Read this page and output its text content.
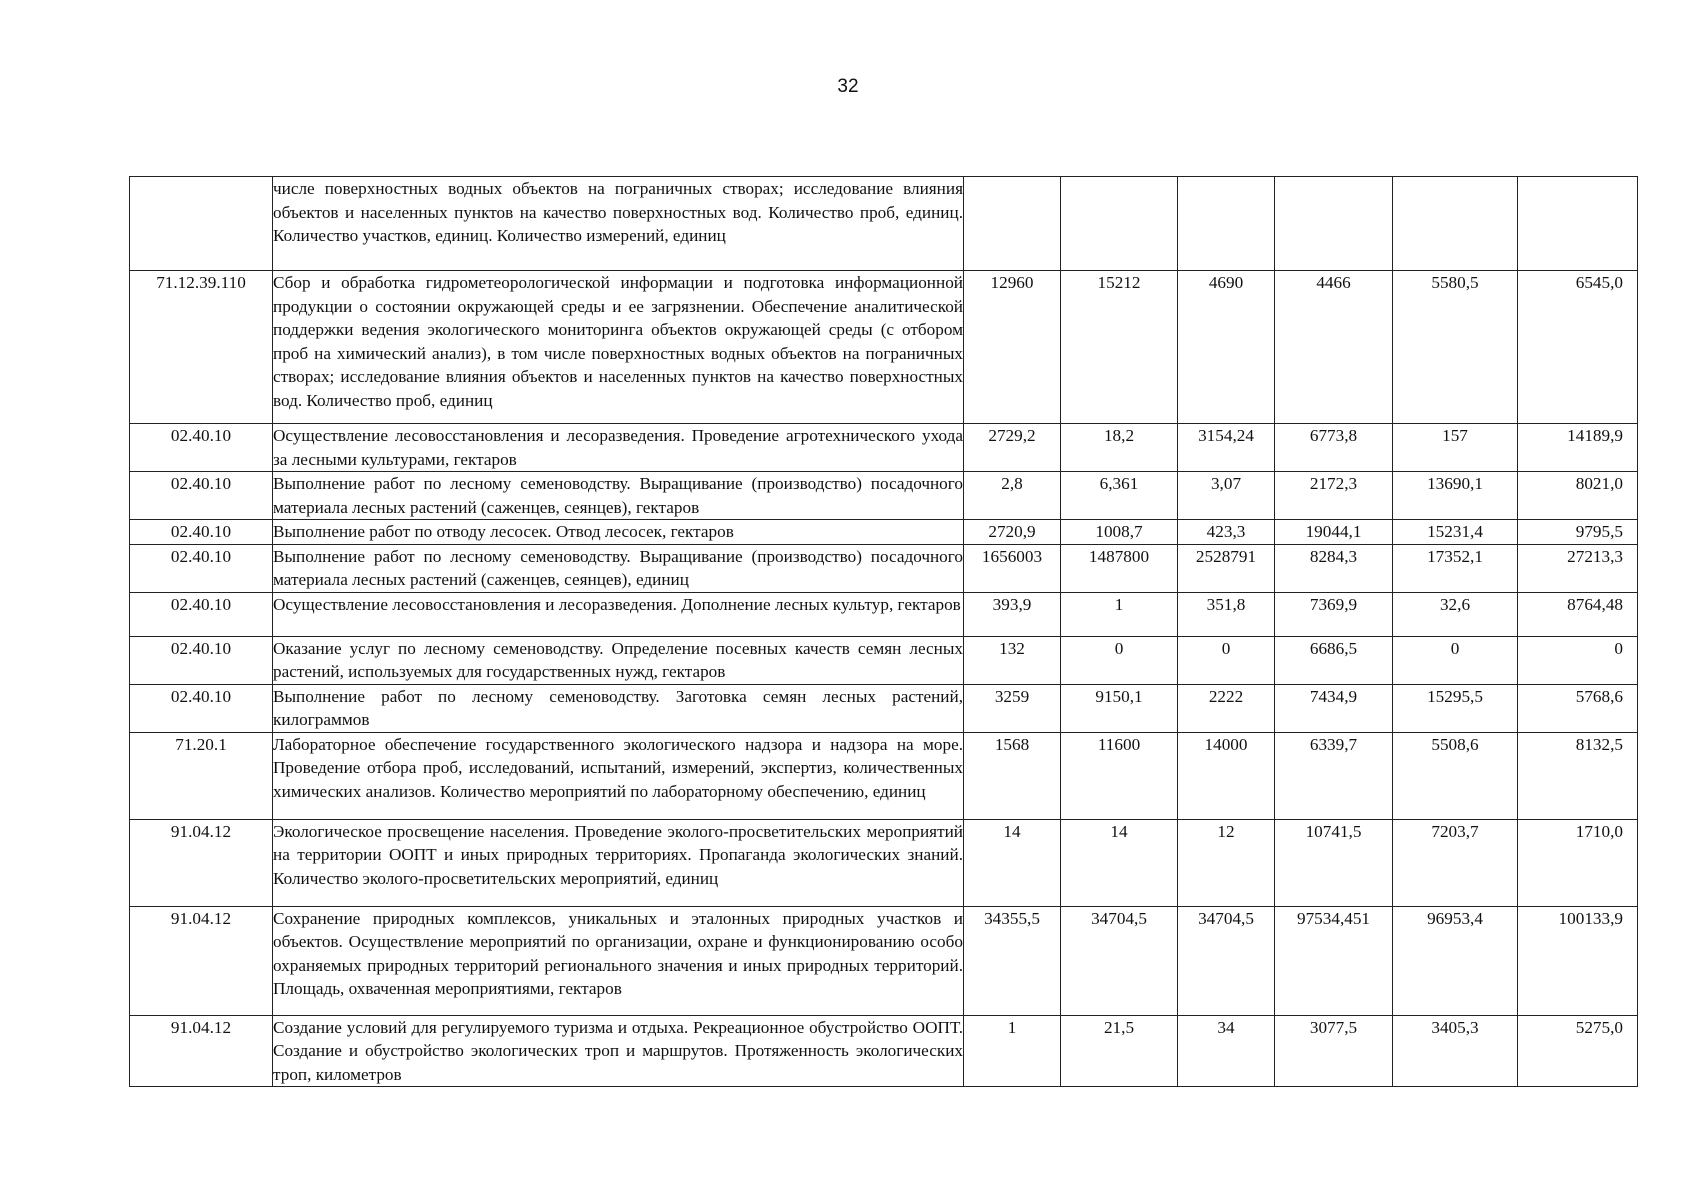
32
	числе поверхностных водных объектов на пограничных створах; исследование влияния объектов и населенных пунктов на качество поверхностных вод. Количество проб, единиц. Количество участков, единиц. Количество измерений, единиц						
71.12.39.110	Сбор и обработка гидрометеорологической информации и подготовка информационной продукции о состоянии окружающей среды и ее загрязнении. Обеспечение аналитической поддержки ведения экологического мониторинга объектов окружающей среды (с отбором проб на химический анализ), в том числе поверхностных водных объектов на пограничных створах; исследование влияния объектов и населенных пунктов на качество поверхностных вод. Количество проб, единиц	12960	15212	4690	4466	5580,5	6545,0
02.40.10	Осуществление лесовосстановления и лесоразведения. Проведение агротехнического ухода за лесными культурами, гектаров	2729,2	18,2	3154,24	6773,8	157	14189,9
02.40.10	Выполнение работ по лесному семеноводству. Выращивание (производство) посадочного материала лесных растений (саженцев, сеянцев), гектаров	2,8	6,361	3,07	2172,3	13690,1	8021,0
02.40.10	Выполнение работ по отводу лесосек. Отвод лесосек, гектаров	2720,9	1008,7	423,3	19044,1	15231,4	9795,5
02.40.10	Выполнение работ по лесному семеноводству. Выращивание (производство) посадочного материала лесных растений (саженцев, сеянцев), единиц	1656003	1487800	2528791	8284,3	17352,1	27213,3
02.40.10	Осуществление лесовосстановления и лесоразведения. Дополнение лесных культур, гектаров	393,9	1	351,8	7369,9	32,6	8764,48
02.40.10	Оказание услуг по лесному семеноводству. Определение посевных качеств семян лесных растений, используемых для государственных нужд, гектаров	132	0	0	6686,5	0	0
02.40.10	Выполнение работ по лесному семеноводству. Заготовка семян лесных растений, килограммов	3259	9150,1	2222	7434,9	15295,5	5768,6
71.20.1	Лабораторное обеспечение государственного экологического надзора и надзора на море. Проведение отбора проб, исследований, испытаний, измерений, экспертиз, количественных химических анализов. Количество мероприятий по лабораторному обеспечению, единиц	1568	11600	14000	6339,7	5508,6	8132,5
91.04.12	Экологическое просвещение населения. Проведение эколого-просветительских мероприятий на территории ООПТ и иных природных территориях. Пропаганда экологических знаний. Количество эколого-просветительских мероприятий, единиц	14	14	12	10741,5	7203,7	1710,0
91.04.12	Сохранение природных комплексов, уникальных и эталонных природных участков и объектов. Осуществление мероприятий по организации, охране и функционированию особо охраняемых природных территорий регионального значения и иных природных территорий. Площадь, охваченная мероприятиями, гектаров	34355,5	34704,5	34704,5	97534,451	96953,4	100133,9
91.04.12	Создание условий для регулируемого туризма и отдыха. Рекреационное обустройство ООПТ. Создание и обустройство экологических троп и маршрутов. Протяженность экологических троп, километров	1	21,5	34	3077,5	3405,3	5275,0
